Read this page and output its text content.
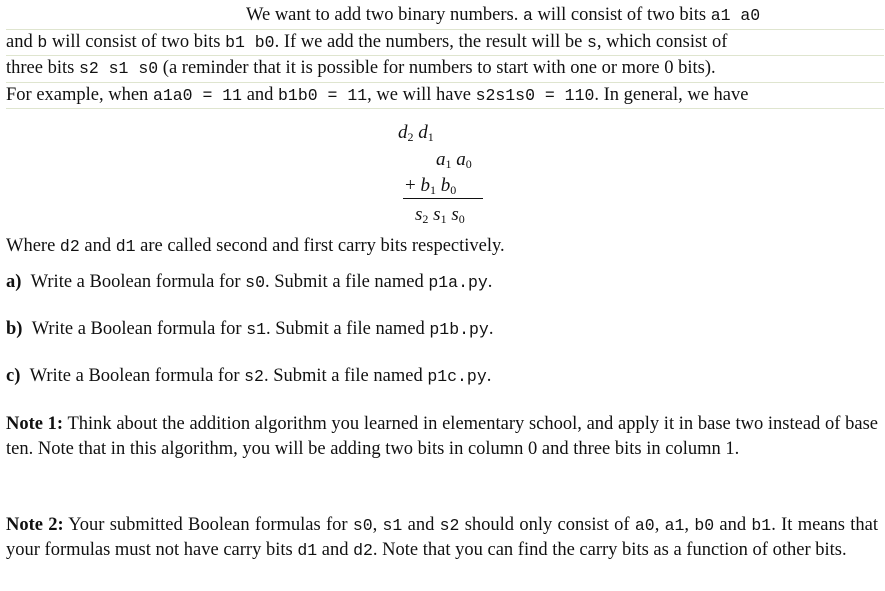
We want to add two binary numbers. a will consist of two bits a1 a0
and b will consist of two bits b1 b0. If we add the numbers, the result will be s, which consist of
three bits s2 s1 s0 (a reminder that it is possible for numbers to start with one or more 0 bits).
For example, when a1a0 = 11 and b1b0 = 11, we will have s2s1s0 = 110. In general, we have
$d_2$ $d_1$
$a_1$ $a_0$
+ $b_1$ $b_0$
$s_2$ $s_1$ $s_0$
Where d2 and d1 are called second and first carry bits respectively.
a) Write a Boolean formula for s0. Submit a file named p1a.py.
b) Write a Boolean formula for s1. Submit a file named p1b.py.
c) Write a Boolean formula for s2. Submit a file named p1c.py.
Note 1: Think about the addition algorithm you learned in elementary school, and apply it in base two instead of base ten. Note that in this algorithm, you will be adding two bits in column 0 and three bits in column 1.
Note 2: Your submitted Boolean formulas for s0, s1 and s2 should only consist of a0, a1, b0 and b1. It means that your formulas must not have carry bits d1 and d2. Note that you can find the carry bits as a function of other bits.
